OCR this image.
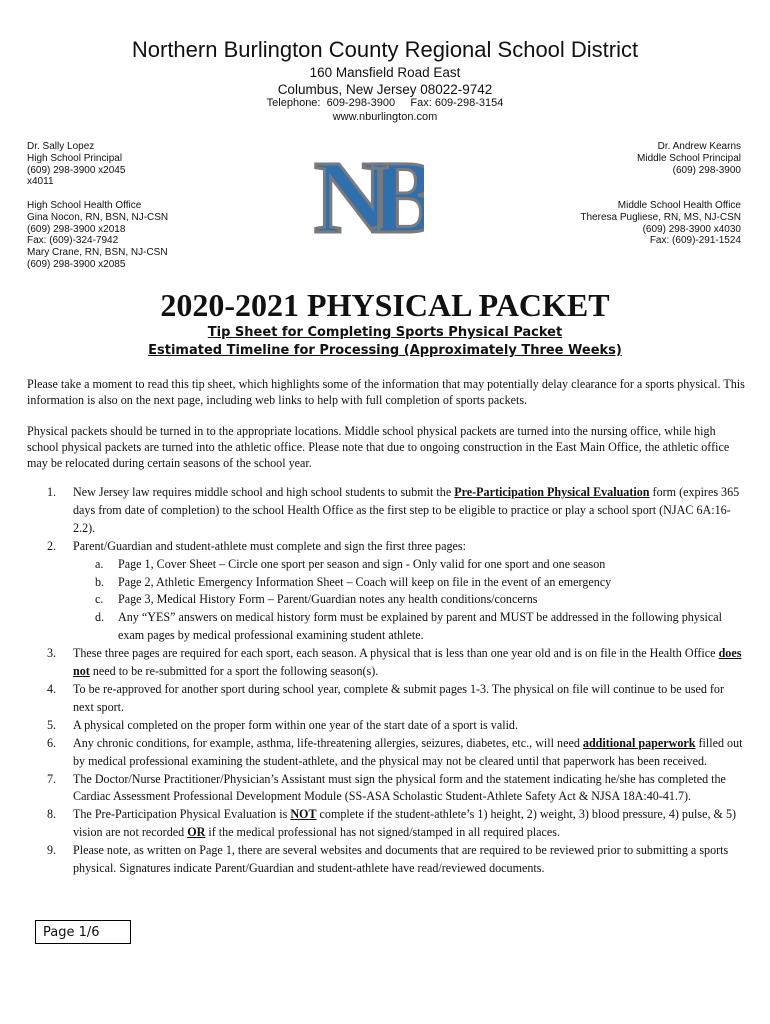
Northern Burlington County Regional School District
160 Mansfield Road East
Columbus, New Jersey 08022-9742
Telephone:  609-298-3900     Fax: 609-298-3154
www.nburlington.com
Dr. Sally Lopez
High School Principal
(609) 298-3900 x2045
x4011
High School Health Office
Gina Nocon, RN, BSN, NJ-CSN
(609) 298-3900 x2018
Fax: (609)-324-7942
Mary Crane, RN, BSN, NJ-CSN
(609) 298-3900 x2085
Dr. Andrew Kearns
Middle School Principal
(609) 298-3900
Middle School Health Office
Theresa Pugliese, RN, MS, NJ-CSN
(609) 298-3900 x4030
Fax: (609)-291-1524
NB
2020-2021 PHYSICAL PACKET
Tip Sheet for Completing Sports Physical Packet
Estimated Timeline for Processing (Approximately Three Weeks)
Please take a moment to read this tip sheet, which highlights some of the information that may potentially delay clearance for a sports physical. This information is also on the next page, including web links to help with full completion of sports packets.
Physical packets should be turned in to the appropriate locations. Middle school physical packets are turned into the nursing office, while high school physical packets are turned into the athletic office. Please note that due to ongoing construction in the East Main Office, the athletic office may be relocated during certain seasons of the school year.
1. New Jersey law requires middle school and high school students to submit the Pre-Participation Physical Evaluation form (expires 365 days from date of completion) to the school Health Office as the first step to be eligible to practice or play a school sport (NJAC 6A:16-2.2).
2. Parent/Guardian and student-athlete must complete and sign the first three pages:
a. Page 1, Cover Sheet – Circle one sport per season and sign - Only valid for one sport and one season
b. Page 2, Athletic Emergency Information Sheet – Coach will keep on file in the event of an emergency
c. Page 3, Medical History Form – Parent/Guardian notes any health conditions/concerns
d. Any “YES” answers on medical history form must be explained by parent and MUST be addressed in the following physical exam pages by medical professional examining student athlete.
3. These three pages are required for each sport, each season. A physical that is less than one year old and is on file in the Health Office does not need to be re-submitted for a sport the following season(s).
4. To be re-approved for another sport during school year, complete & submit pages 1-3. The physical on file will continue to be used for next sport.
5. A physical completed on the proper form within one year of the start date of a sport is valid.
6. Any chronic conditions, for example, asthma, life-threatening allergies, seizures, diabetes, etc., will need additional paperwork filled out by medical professional examining the student-athlete, and the physical may not be cleared until that paperwork has been received.
7. The Doctor/Nurse Practitioner/Physician’s Assistant must sign the physical form and the statement indicating he/she has completed the Cardiac Assessment Professional Development Module (SS-ASA Scholastic Student-Athlete Safety Act & NJSA 18A:40-41.7).
8. The Pre-Participation Physical Evaluation is NOT complete if the student-athlete’s 1) height, 2) weight, 3) blood pressure, 4) pulse, & 5) vision are not recorded OR if the medical professional has not signed/stamped in all required places.
9. Please note, as written on Page 1, there are several websites and documents that are required to be reviewed prior to submitting a sports physical. Signatures indicate Parent/Guardian and student-athlete have read/reviewed documents.
Page 1/6
